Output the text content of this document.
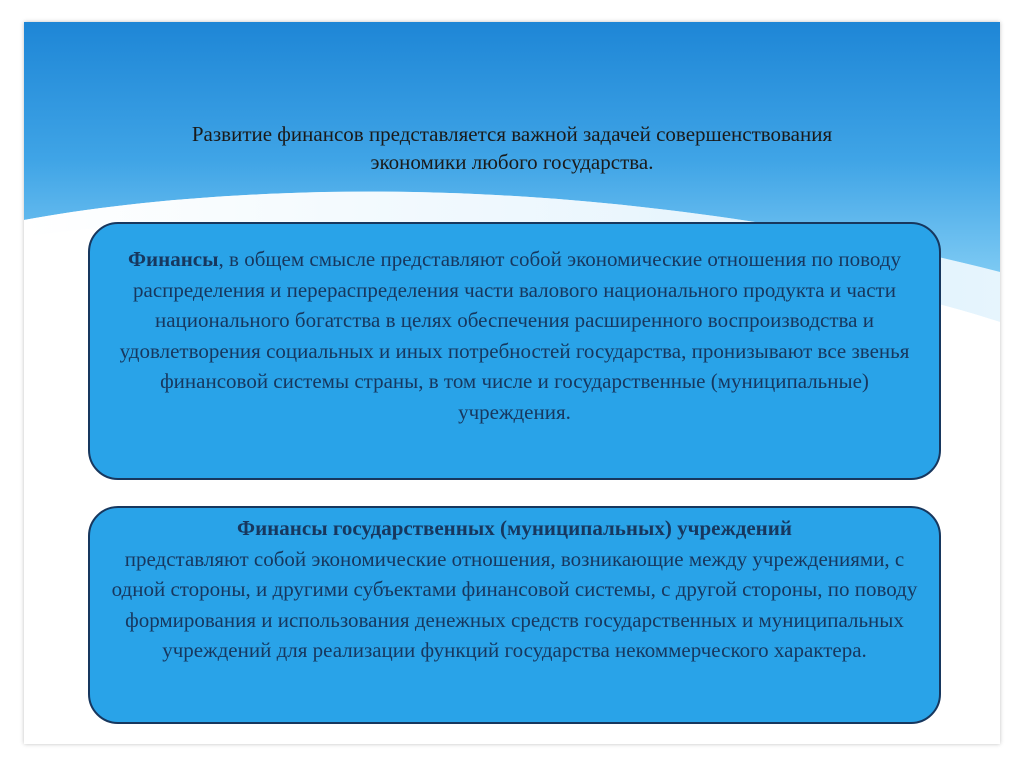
Развитие финансов представляется важной задачей совершенствования
экономики любого государства.

Финансы, в общем смысле представляют собой экономические отношения по поводу распределения и перераспределения части валового национального продукта и части национального богатства в целях обеспечения расширенного воспроизводства и удовлетворения социальных и иных потребностей государства, пронизывают все звенья финансовой системы страны, в том числе и государственные (муниципальные) учреждения.

Финансы государственных (муниципальных) учреждений
представляют собой экономические отношения, возникающие между учреждениями, с одной стороны, и другими субъектами финансовой системы, с другой стороны, по поводу формирования и использования денежных средств государственных и муниципальных учреждений для реализации функций государства некоммерческого характера.
